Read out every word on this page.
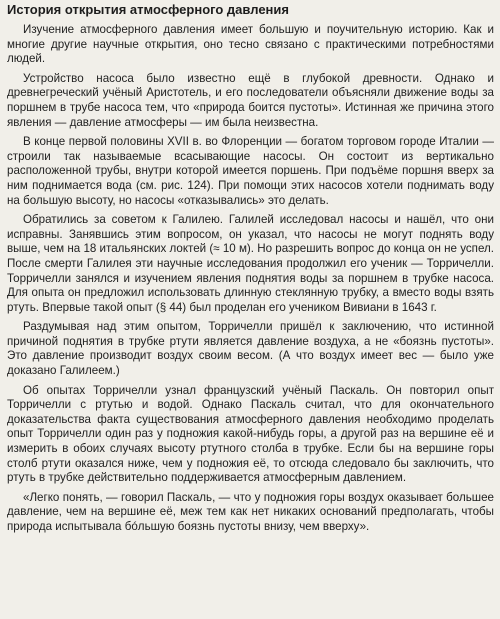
История открытия атмосферного давления

Изучение атмосферного давления имеет большую и поучительную историю. Как и многие другие научные открытия, оно тесно связано с практическими потребностями людей.

Устройство насоса было известно ещё в глубокой древности. Однако и древнегреческий учёный Аристотель, и его последователи объясняли движение воды за поршнем в трубе насоса тем, что «природа боится пустоты». Истинная же причина этого явления — давление атмосферы — им была неизвестна.

В конце первой половины XVII в. во Флоренции — богатом торговом городе Италии — строили так называемые всасывающие насосы. Он состоит из вертикально расположенной трубы, внутри которой имеется поршень. При подъёме поршня вверх за ним поднимается вода (см. рис. 124). При помощи этих насосов хотели поднимать воду на большую высоту, но насосы «отказывались» это делать.

Обратились за советом к Галилею. Галилей исследовал насосы и нашёл, что они исправны. Занявшись этим вопросом, он указал, что насосы не могут поднять воду выше, чем на 18 итальянских локтей (≈ 10 м). Но разрешить вопрос до конца он не успел. После смерти Галилея эти научные исследования продолжил его ученик — Торричелли. Торричелли занялся и изучением явления поднятия воды за поршнем в трубке насоса. Для опыта он предложил использовать длинную стеклянную трубку, а вместо воды взять ртуть. Впервые такой опыт (§ 44) был проделан его учеником Вивиани в 1643 г.

Раздумывая над этим опытом, Торричелли пришёл к заключению, что истинной причиной поднятия в трубке ртути является давление воздуха, а не «боязнь пустоты». Это давление производит воздух своим весом. (А что воздух имеет вес — было уже доказано Галилеем.)

Об опытах Торричелли узнал французский учёный Паскаль. Он повторил опыт Торричелли с ртутью и водой. Однако Паскаль считал, что для окончательного доказательства факта существования атмосферного давления необходимо проделать опыт Торричелли один раз у подножия какой-нибудь горы, а другой раз на вершине её и измерить в обоих случаях высоту ртутного столба в трубке. Если бы на вершине горы столб ртути оказался ниже, чем у подножия её, то отсюда следовало бы заключить, что ртуть в трубке действительно поддерживается атмосферным давлением.

«Легко понять, — говорил Паскаль, — что у подножия горы воздух оказывает большее давление, чем на вершине её, меж тем как нет никаких оснований предполагать, чтобы природа испытывала бóльшую боязнь пустоты внизу, чем вверху».
